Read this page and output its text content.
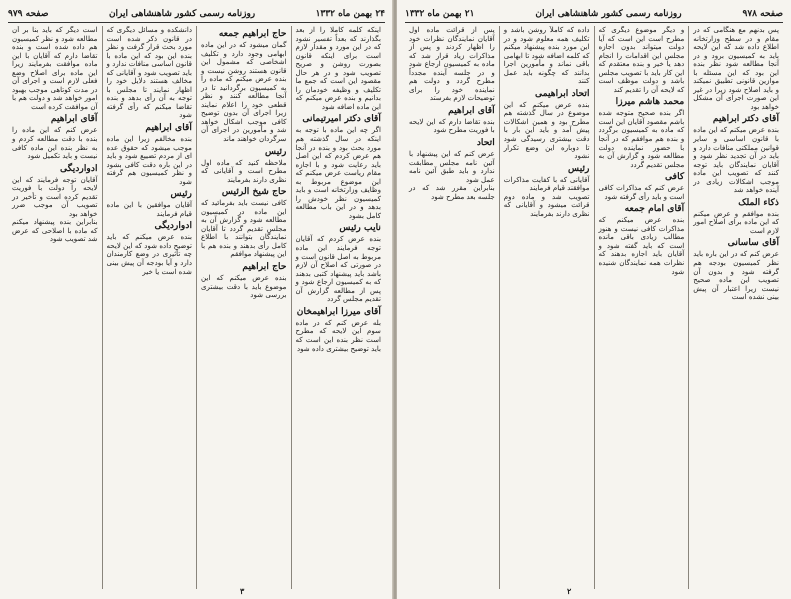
۲۴ بهمن ماه ۱۳۳۲
روزنامه رسمی کشور شاهنشاهی ایران
صفحه ۹۷۹

اینکه کلمه کاملا را از بعد بگذارند که بعداً تفسیر نشود که در این مورد و مقدار لازم است برای اینکه قانون بصورت روشن و صریح تصویب شود و در هر حال مقصود این است که جمع ما تکلیف و وظیفه خودمان را بدانیم و بنده عرض میکنم که این ماده اضافه شود

آقای دکتر امیرتیمانی

اگر چه این ماده با توجه به اینکه در سال گذشته هم مورد بحث بود و بنده در آنجا هم عرض کردم که این اصل باید رعایت شود و با اجازه مقام ریاست عرض میکنم که این موضوع مربوط به وظایف وزارتخانه است و باید کمیسیون نظر خودش را بدهد و در این باب مطالعه کامل بشود

نایب رئیس

بنده عرض کردم که آقایان توجه فرمایند این ماده مربوط به اصل قانون است و در صورتی که اصلاح آن لازم باشد باید پیشنهاد کتبی بدهند که به کمیسیون ارجاع شود و پس از مطالعه گزارش آن تقدیم مجلس گردد

آقای میرزا ابراهیمخان

بله عرض کنم که در ماده سوم این لایحه که مطرح است نظر بنده این است که باید توضیح بیشتری داده شود

حاج ابراهیم جمعه

گمان میشود که در این ماده ابهامی وجود دارد و تکلیف اشخاصی که مشمول این قانون هستند روشن نیست و بنده عرض میکنم که ماده را به کمیسیون برگردانید تا در آنجا مطالعه کنند و نظر قطعی خود را اعلام نمایند زیرا اجرای آن بدون توضیح کافی موجب اشکال خواهد شد و مأمورین در اجرای آن سرگردان خواهند ماند

رئیس

ملاحظه کنید که ماده اول مطرح است و آقایانی که نظری دارند بفرمایند

حاج شیخ الرئیس

کافی نیست باید بفرمائید که این ماده در کمیسیون مطالعه شود و گزارش آن به مجلس تقدیم گردد تا آقایان نمایندگان بتوانند با اطلاع کامل رأی بدهند و بنده هم با این پیشنهاد موافقم

حاج ابراهیم

بنده عرض میکنم که این موضوع باید با دقت بیشتری بررسی شود

دانشکده و مسائل دیگری که در قانون ذکر شده است مورد بحث قرار گرفت و نظر بنده این بود که این ماده با قانون اساسی منافات ندارد و باید تصویب شود و آقایانی که مخالف هستند دلایل خود را اظهار نمایند تا مجلس با توجه به آن رأی بدهد و بنده تقاضا میکنم که رأی گرفته شود

آقای ابراهیم

بنده مخالفم زیرا این ماده موجب میشود که حقوق عده ای از مردم تضییع شود و باید در این باره دقت کافی بشود و نظر کمیسیون هم گرفته شود

رئیس

آقایان موافقین با این ماده قیام فرمایند

ادواردیگی

بنده عرض میکنم که باید توضیح داده شود که این لایحه چه تأثیری در وضع کارمندان دارد و آیا بودجه آن پیش بینی شده است یا خیر

است دیگر که باید بنا بر آن مطالعه شود و نظر کمیسیون هم داده شده است و بنده تقاضا دارم که آقایان با این ماده موافقت بفرمایند زیرا این ماده برای اصلاح وضع فعلی لازم است و اجرای آن در مدت کوتاهی موجب بهبود امور خواهد شد و دولت هم با آن موافقت کرده است

آقای ابراهیم

عرض کنم که این ماده را بنده با دقت مطالعه کردم و به نظر بنده این ماده کافی نیست و باید تکمیل شود

ادواردیگی

آقایان توجه فرمایند که این لایحه را دولت با فوریت تقدیم کرده است و تأخیر در تصویب آن موجب ضرر خواهد بود

بنابراین بنده پیشنهاد میکنم که ماده با اصلاحی که عرض شد تصویب شود

۳
صفحه ۹۷۸
روزنامه رسمی کشور شاهنشاهی ایران
۲۱ بهمن ماه ۱۳۳۲

پس بدنهم مع هنگامی که در مقام و در سطح وزارتخانه اطلاع داده شد که این لایحه باید به کمیسیون برود و در آنجا مطالعه شود نظر بنده این بود که این مسئله با موازین قانونی تطبیق نمیکند و باید اصلاح شود زیرا در غیر این صورت اجرای آن مشکل خواهد بود

آقای دکتر ابراهیم

بنده عرض میکنم که این ماده با قانون اساسی و سایر قوانین مملکتی منافات دارد و باید در آن تجدید نظر شود و آقایان نمایندگان باید توجه کنند که تصویب این ماده موجب اشکالات زیادی در آینده خواهد شد

ذکاء الملک

بنده موافقم و عرض میکنم که این ماده برای اصلاح امور لازم است

آقای ساسانی

عرض کنم که در این باره باید نظر کمیسیون بودجه هم گرفته شود و بدون آن تصویب این ماده صحیح نیست زیرا اعتبار آن پیش بینی نشده است

و دیگر موضوع دیگری که مطرح است این است که آیا دولت میتواند بدون اجازه مجلس این اقدامات را انجام دهد یا خیر و بنده معتقدم که این کار باید با تصویب مجلس باشد و دولت موظف است که لایحه آن را تقدیم کند

محمد هاشم میرزا

اگر بنده صحیح متوجه شده باشم مقصود آقایان این است که ماده به کمیسیون برگردد و بنده هم موافقم که در آنجا با حضور نماینده دولت مطالعه شود و گزارش آن به مجلس تقدیم گردد

کافی

عرض کنم که مذاکرات کافی است و باید رأی گرفته شود

آقای امام جمعه

بنده عرض میکنم که مذاکرات کافی نیست و هنوز مطالب زیادی باقی مانده است که باید گفته شود و آقایان باید اجازه بدهند که نظرات همه نمایندگان شنیده شود

داده که کاملاً روشن باشد و تکلیف همه معلوم شود و در این مورد بنده پیشنهاد میکنم که کلمه اضافه شود تا ابهامی باقی نماند و مأمورین اجرا بدانند که چگونه باید عمل کنند

اتحاد ابراهیمی

بنده عرض میکنم که این موضوع در سال گذشته هم مطرح بود و همین اشکالات پیش آمد و باید این بار با دقت بیشتری رسیدگی شود تا دوباره این وضع تکرار نشود

رئیس

آقایانی که با کفایت مذاکرات موافقند قیام فرمایند

تصویب شد و ماده دوم قرائت میشود و آقایانی که نظری دارند بفرمایند

پس از قرائت ماده اول آقایان نمایندگان نظرات خود را اظهار کردند و پس از مذاکرات زیاد قرار شد که ماده به کمیسیون ارجاع شود و در جلسه آینده مجدداً مطرح گردد و دولت هم نماینده خود را برای توضیحات لازم بفرستد

آقای ابراهیم

بنده تقاضا دارم که این لایحه با فوریت مطرح شود

اتحاد

عرض کنم که این پیشنهاد با آئین نامه مجلس مطابقت ندارد و باید طبق آئین نامه عمل شود

بنابراین مقرر شد که در جلسه بعد مطرح شود

۲
